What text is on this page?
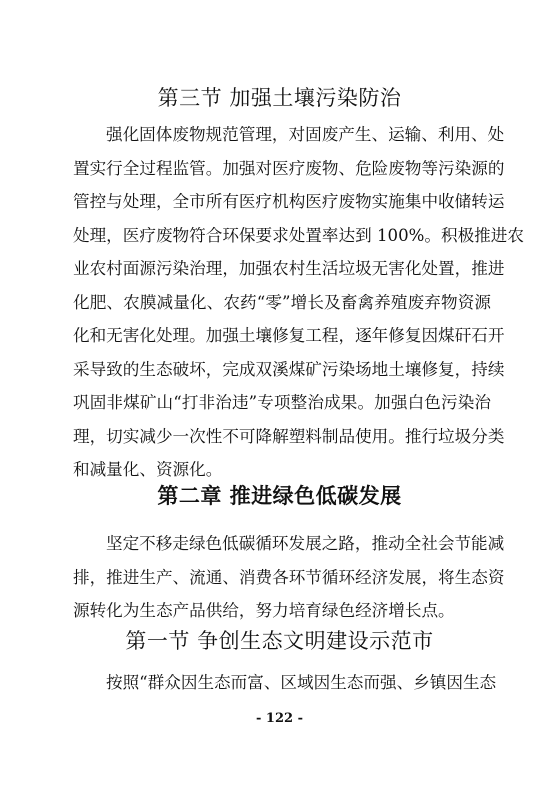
第三节 加强土壤污染防治
强化固体废物规范管理，对固废产生、运输、利用、处
置实行全过程监管。加强对医疗废物、危险废物等污染源的
管控与处理，全市所有医疗机构医疗废物实施集中收储转运
处理，医疗废物符合环保要求处置率达到 100%。积极推进农
业农村面源污染治理，加强农村生活垃圾无害化处置，推进
化肥、农膜减量化、农药“零”增长及畜禽养殖废弃物资源
化和无害化处理。加强土壤修复工程，逐年修复因煤矸石开
采导致的生态破坏，完成双溪煤矿污染场地土壤修复，持续
巩固非煤矿山“打非治违”专项整治成果。加强白色污染治
理，切实减少一次性不可降解塑料制品使用。推行垃圾分类
和减量化、资源化。
第二章 推进绿色低碳发展
坚定不移走绿色低碳循环发展之路，推动全社会节能减
排，推进生产、流通、消费各环节循环经济发展，将生态资
源转化为生态产品供给，努力培育绿色经济增长点。
第一节 争创生态文明建设示范市
按照“群众因生态而富、区域因生态而强、乡镇因生态
- 122 -
